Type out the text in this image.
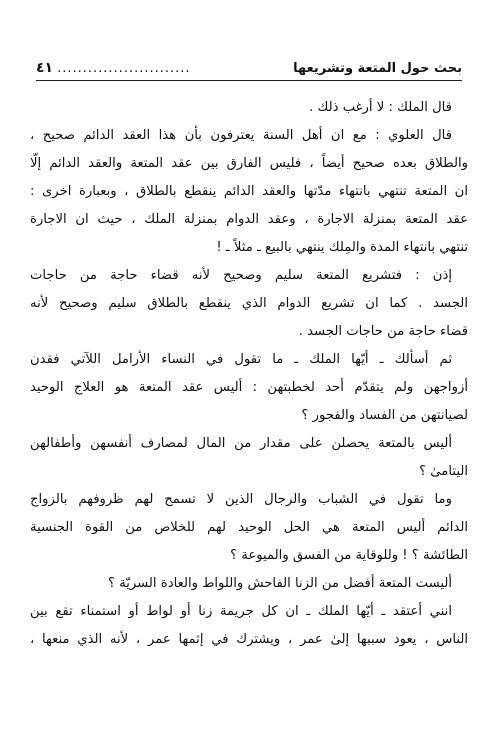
بحث حول المتعة وتشريعها
..........................
٤١
قال الملك : لا أرغب ذلك .
قال العلوي : مع ان أهل السنة يعترفون بأن هذا العقد الدائم صحيح ،
والطلاق بعده صحيح أيضاً ، فليس الفارق بين عقد المتعة والعقد الدائم إلّا
ان المتعة تنتهي بانتهاء مدّتها والعقد الدائم ينقطع بالطلاق ، وبعبارة اخرى :
عقد المتعة بمنزلة الاجارة ، وعقد الدوام بمنزلة الملك ، حيث ان الاجارة
تنتهي بانتهاء المدة والمِلك ينتهي بالبيع ـ مثلاً ـ !
إذن : فتشريع المتعة سليم وصحيح لأنه قضاء حاجة من حاجات
الجسد . كما ان تشريع الدوام الذي ينقطع بالطلاق سليم وصحيح لأنه
قضاء حاجة من حاجات الجسد .
ثم أسألك ـ أيّها الملك ـ ما تقول في النساء الأرامل اللآتي فقدن
أزواجهن ولم يتقدّم أحد لخطبتهن : أليس عقد المتعة هو العلاج الوحيد
لصيانتهن من الفساد والفجور ؟
أليس بالمتعة يحصلن على مقدار من المال لمصارف أنفسهن وأطفالهن
اليتامىٰ ؟
وما تقول في الشباب والرجال الذين لا تسمح لهم ظروفهم بالزواج
الدائم أليس المتعة هي الحل الوحيد لهم للخلاص من القوة الجنسية
الطائشة ؟ ! وللوقاية من الفسق والميوعة ؟
أليست المتعة أفضل من الزنا الفاحش واللواط والعادة السريّة ؟
انني أعتقد ـ أيّها الملك ـ ان كل جريمة زنا أو لواط أو استمناء تقع بين
الناس ، يعود سببها إلىٰ عمر ، ويشترك في إثمها عمر ، لأنه الذي منعها ،
